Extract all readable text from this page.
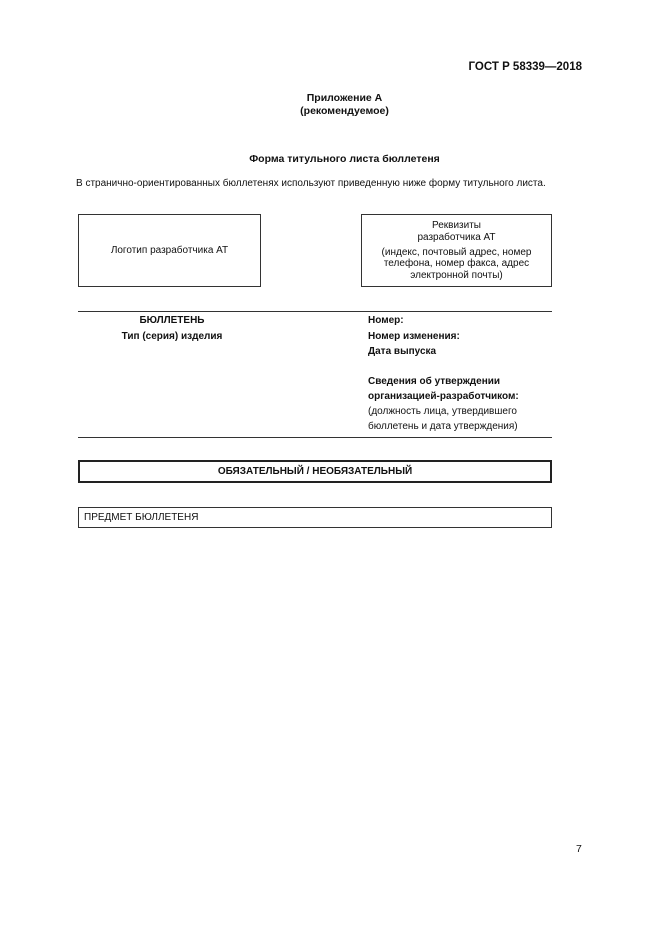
ГОСТ Р 58339—2018
Приложение А
(рекомендуемое)
Форма титульного листа бюллетеня
В странично-ориентированных бюллетенях используют приведенную ниже форму титульного листа.
Логотип разработчика АТ
Реквизиты
разработчика АТ
(индекс, почтовый адрес, номер
телефона, номер факса, адрес
электронной почты)
БЮЛЛЕТЕНЬ
Тип (серия) изделия
Номер:
Номер изменения:
Дата выпуска
Сведения об утверждении
организацией-разработчиком:
(должность лица, утвердившего
бюллетень и дата утверждения)
ОБЯЗАТЕЛЬНЫЙ / НЕОБЯЗАТЕЛЬНЫЙ
ПРЕДМЕТ БЮЛЛЕТЕНЯ
7
